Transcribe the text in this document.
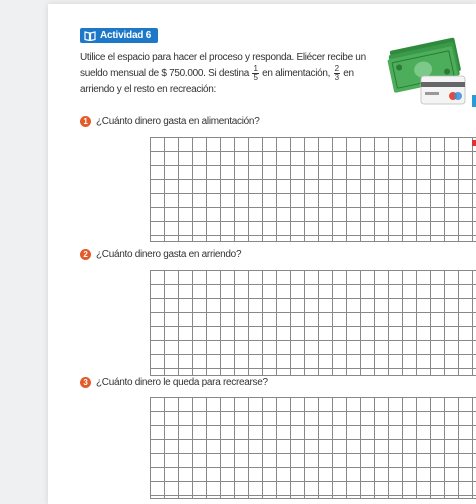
Actividad 6
Utilice el espacio para hacer el proceso y responda. Eliécer recibe un sueldo mensual de $ 750.000. Si destina $\frac{1}{5}$ en alimentación, $\frac{2}{3}$ en arriendo y el resto en recreación:
1 ¿Cuánto dinero gasta en alimentación?
2 ¿Cuánto dinero gasta en arriendo?
3 ¿Cuánto dinero le queda para recrearse?
